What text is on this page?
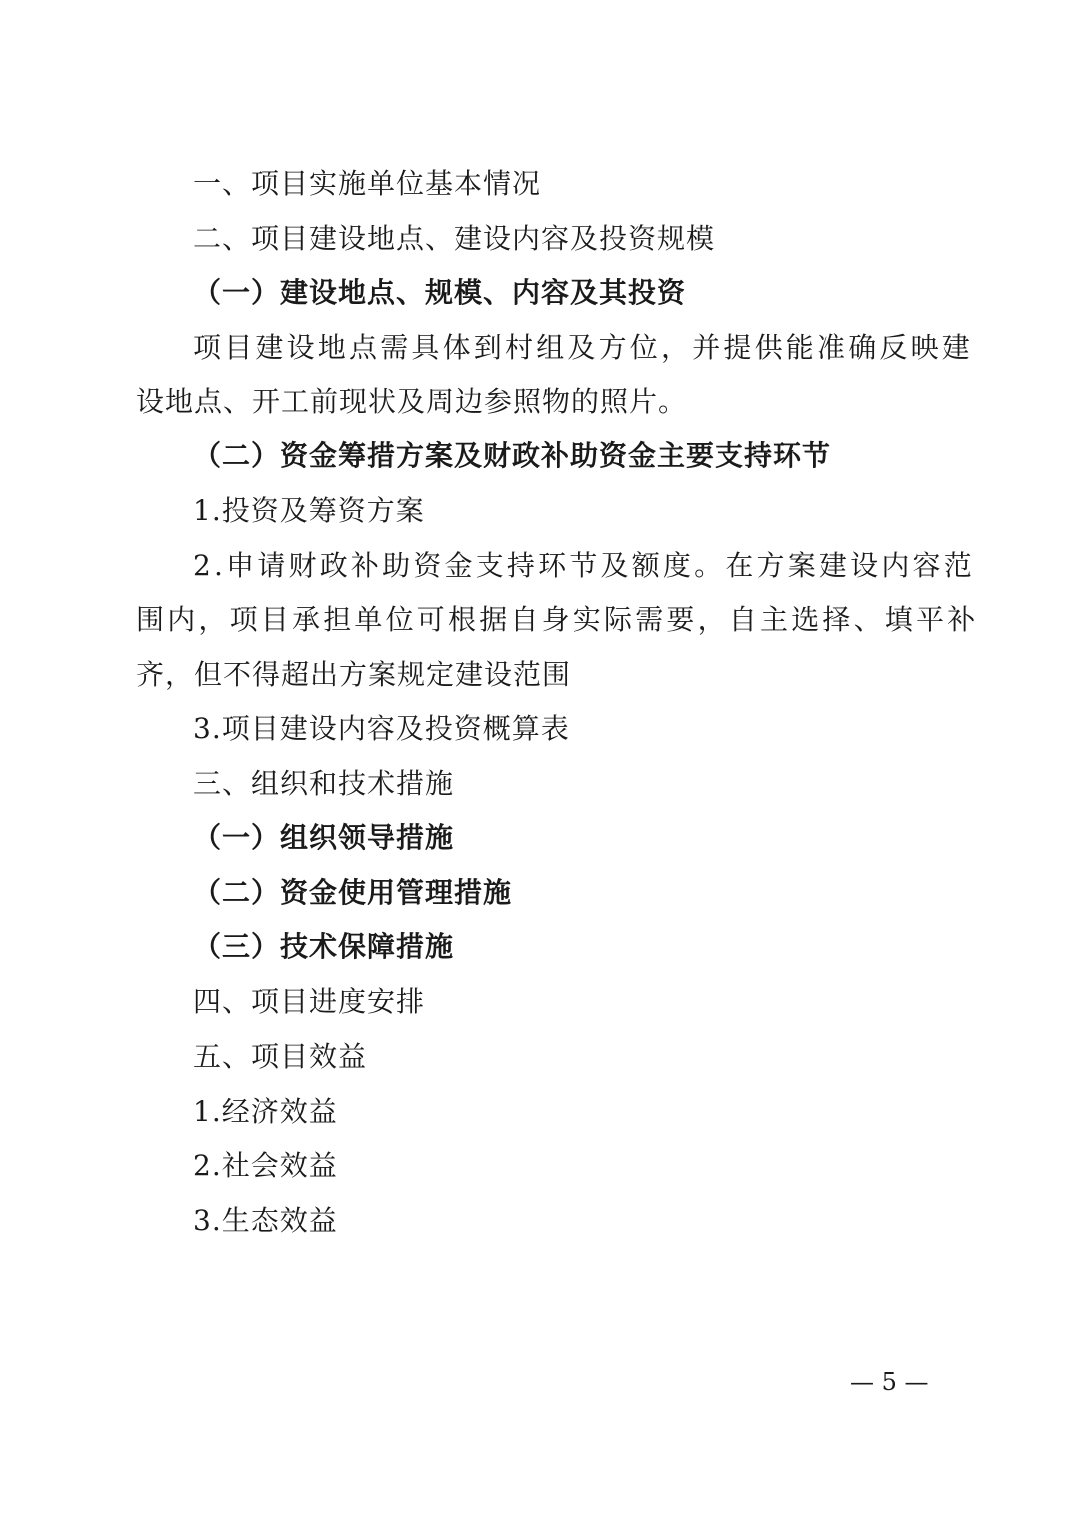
一、项目实施单位基本情况
二、项目建设地点、建设内容及投资规模
（一）建设地点、规模、内容及其投资
项目建设地点需具体到村组及方位，并提供能准确反映建
设地点、开工前现状及周边参照物的照片。
（二）资金筹措方案及财政补助资金主要支持环节
1.投资及筹资方案
2.申请财政补助资金支持环节及额度。在方案建设内容范
围内，项目承担单位可根据自身实际需要，自主选择、填平补
齐，但不得超出方案规定建设范围
3.项目建设内容及投资概算表
三、组织和技术措施
（一）组织领导措施
（二）资金使用管理措施
（三）技术保障措施
四、项目进度安排
五、项目效益
1.经济效益
2.社会效益
3.生态效益
— 5 —
